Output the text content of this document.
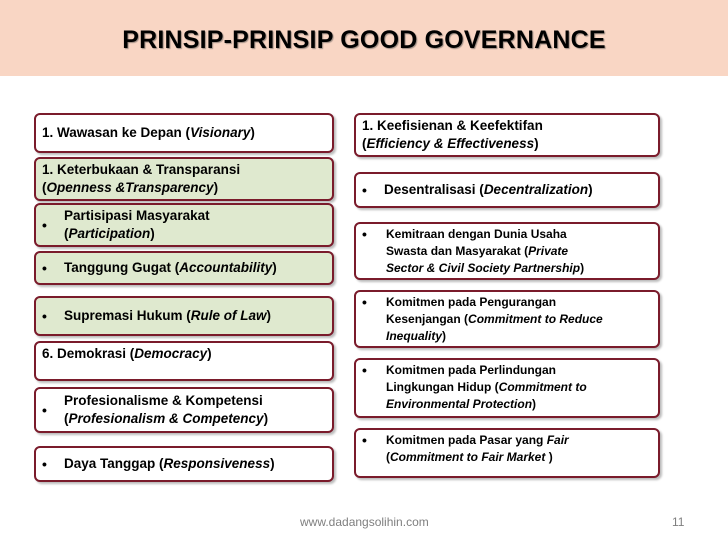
PRINSIP-PRINSIP GOOD GOVERNANCE
1. Wawasan ke Depan (Visionary)
1. Keterbukaan & Transparansi
(Openness &Transparency)
•
Partisipasi Masyarakat
(Participation)
•	Tanggung Gugat (Accountability)
•	Supremasi Hukum (Rule of Law)
6. Demokrasi (Democracy)
•
Profesionalisme & Kompetensi
(Profesionalism & Competency)
•	Daya Tanggap (Responsiveness)
1. Keefisienan & Keefektifan
(Efficiency & Effectiveness)
•	Desentralisasi (Decentralization)
•	Kemitraan dengan Dunia Usaha
Swasta dan Masyarakat (Private
Sector & Civil Society Partnership)
•	Komitmen pada Pengurangan
Kesenjangan (Commitment to Reduce
Inequality)
•	Komitmen pada Perlindungan
Lingkungan Hidup (Commitment to
Environmental Protection)
•	Komitmen pada Pasar yang Fair
(Commitment to Fair Market )
www.dadangsolihin.com	11
